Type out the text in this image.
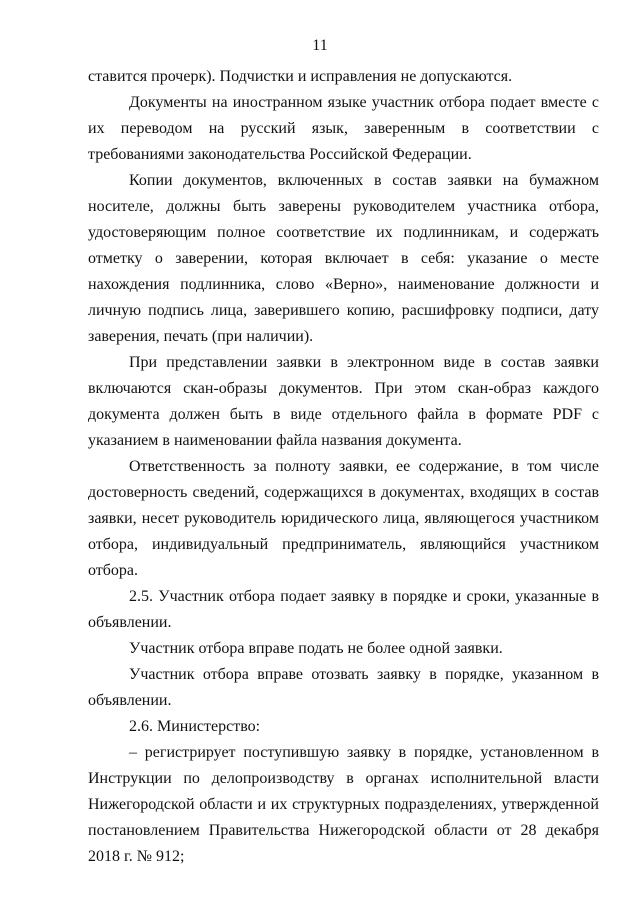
11

ставится прочерк). Подчистки и исправления не допускаются.

Документы на иностранном языке участник отбора подает вместе с их переводом на русский язык, заверенным в соответствии с требованиями законодательства Российской Федерации.

Копии документов, включенных в состав заявки на бумажном носителе, должны быть заверены руководителем участника отбора, удостоверяющим полное соответствие их подлинникам, и содержать отметку о заверении, которая включает в себя: указание о месте нахождения подлинника, слово «Верно», наименование должности и личную подпись лица, заверившего копию, расшифровку подписи, дату заверения, печать (при наличии).

При представлении заявки в электронном виде в состав заявки включаются скан-образы документов. При этом скан-образ каждого документа должен быть в виде отдельного файла в формате PDF с указанием в наименовании файла названия документа.

Ответственность за полноту заявки, ее содержание, в том числе достоверность сведений, содержащихся в документах, входящих в состав заявки, несет руководитель юридического лица, являющегося участником отбора, индивидуальный предприниматель, являющийся участником отбора.

2.5. Участник отбора подает заявку в порядке и сроки, указанные в объявлении.

Участник отбора вправе подать не более одной заявки.

Участник отбора вправе отозвать заявку в порядке, указанном в объявлении.

2.6. Министерство:

– регистрирует поступившую заявку в порядке, установленном в Инструкции по делопроизводству в органах исполнительной власти Нижегородской области и их структурных подразделениях, утвержденной постановлением Правительства Нижегородской области от 28 декабря 2018 г. № 912;
